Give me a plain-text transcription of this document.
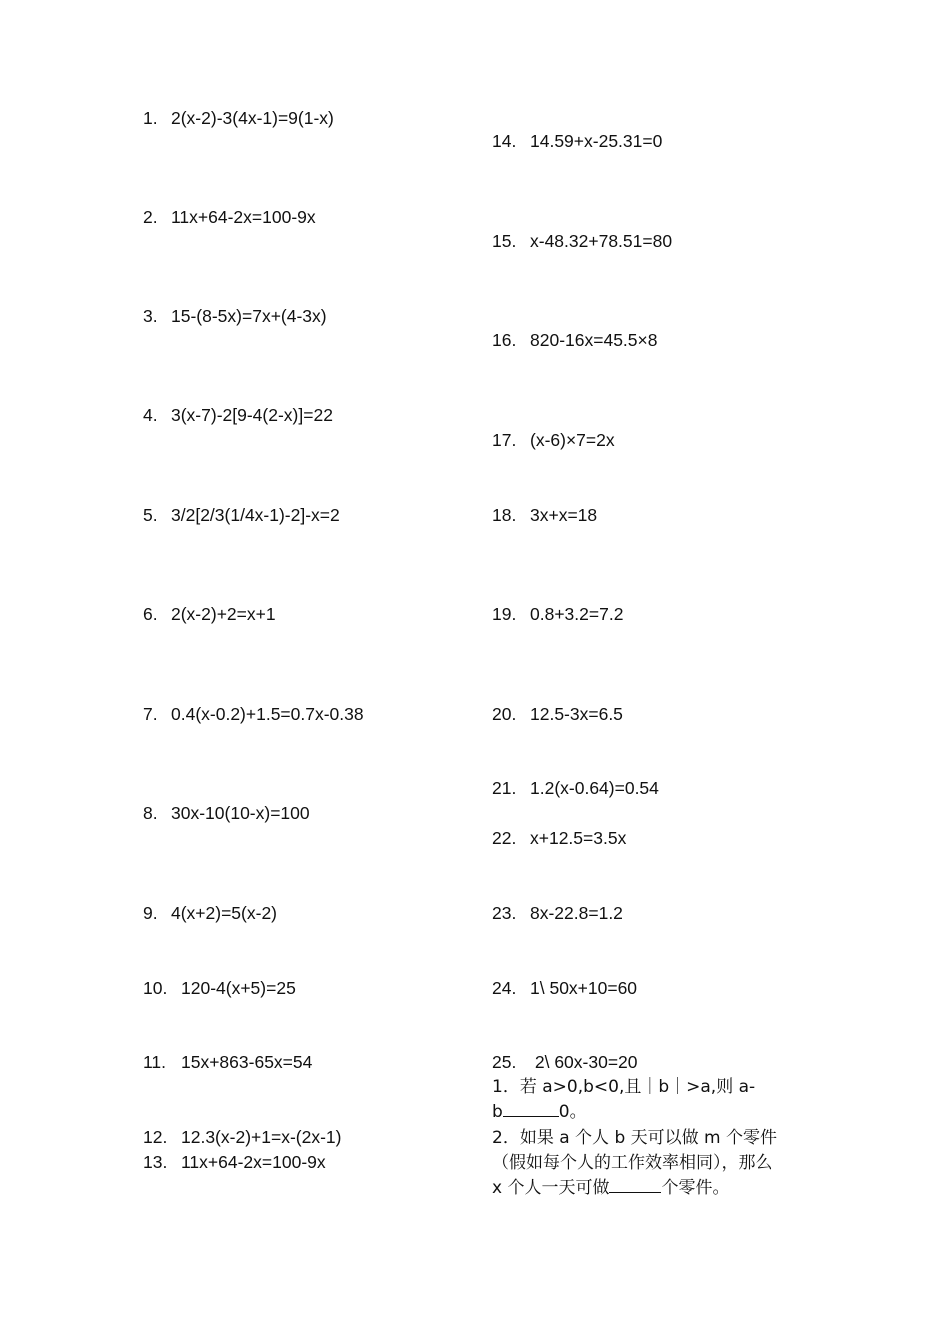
1. 2(x-2)-3(4x-1)=9(1-x)
2. 11x+64-2x=100-9x
3. 15-(8-5x)=7x+(4-3x)
4. 3(x-7)-2[9-4(2-x)]=22
5. 3/2[2/3(1/4x-1)-2]-x=2
6. 2(x-2)+2=x+1
7. 0.4(x-0.2)+1.5=0.7x-0.38
8. 30x-10(10-x)=100
9. 4(x+2)=5(x-2)
10. 120-4(x+5)=25
11. 15x+863-65x=54
12. 12.3(x-2)+1=x-(2x-1)
13. 11x+64-2x=100-9x
14. 14.59+x-25.31=0
15. x-48.32+78.51=80
16. 820-16x=45.5×8
17. (x-6)×7=2x
18. 3x+x=18
19. 0.8+3.2=7.2
20. 12.5-3x=6.5
21. 1.2(x-0.64)=0.54
22. x+12.5=3.5x
23. 8x-22.8=1.2
24. 1\ 50x+10=60
25. 2\ 60x-30=20
1．若 a>0,b<0,且｜b｜>a,则 a-
b	0。
2．如果 a 个人 b 天可以做 m 个零件
（假如每个人的工作效率相同），那么
x 个人一天可做	个零件。
